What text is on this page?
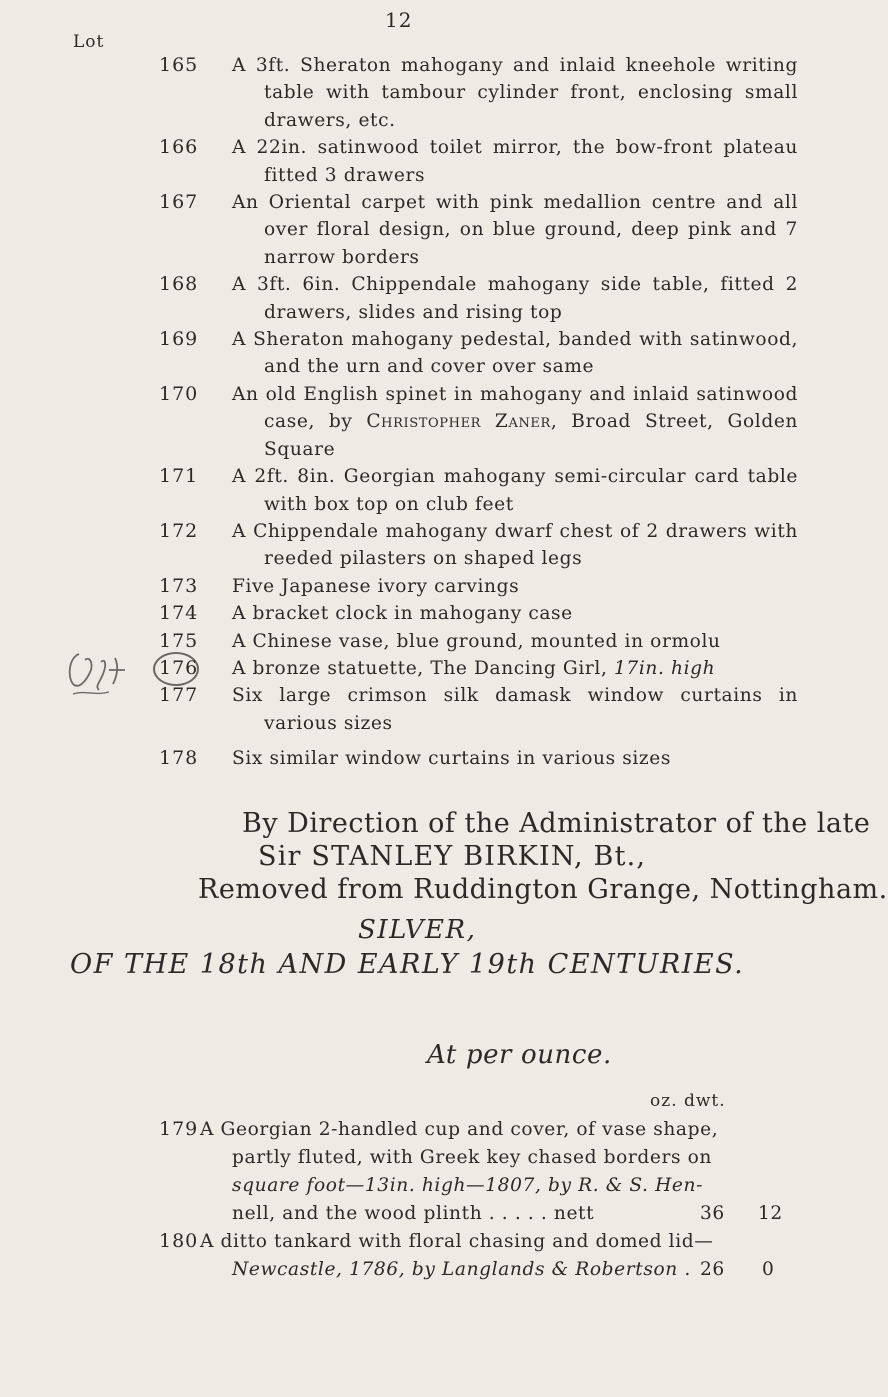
12
Lot
165 A 3ft. Sheraton mahogany and inlaid kneehole writing table with tambour cylinder front, enclosing small drawers, etc.
166 A 22in. satinwood toilet mirror, the bow-front plateau fitted 3 drawers
167 An Oriental carpet with pink medallion centre and all over floral design, on blue ground, deep pink and 7 narrow borders
168 A 3ft. 6in. Chippendale mahogany side table, fitted 2 drawers, slides and rising top
169 A Sheraton mahogany pedestal, banded with satinwood, and the urn and cover over same
170 An old English spinet in mahogany and inlaid satinwood case, by Christopher Zaner, Broad Street, Golden Square
171 A 2ft. 8in. Georgian mahogany semi-circular card table with box top on club feet
172 A Chippendale mahogany dwarf chest of 2 drawers with reeded pilasters on shaped legs
173 Five Japanese ivory carvings
174 A bracket clock in mahogany case
175 A Chinese vase, blue ground, mounted in ormolu
176 A bronze statuette, The Dancing Girl, 17in. high
177 Six large crimson silk damask window curtains in various sizes
178 Six similar window curtains in various sizes
By Direction of the Administrator of the late
Sir STANLEY BIRKIN, Bt.,
Removed from Ruddington Grange, Nottingham.
SILVER,
OF THE 18th AND EARLY 19th CENTURIES.
At per ounce.
oz. dwt.
179 A Georgian 2-handled cup and cover, of vase shape,
partly fluted, with Greek key chased borders on
square foot—13in. high—1807, by R. & S. Hen-
nell, and the wood plinth . . . . . nett	36 12
180 A ditto tankard with floral chasing and domed lid—
Newcastle, 1786, by Langlands & Robertson . 26 0
